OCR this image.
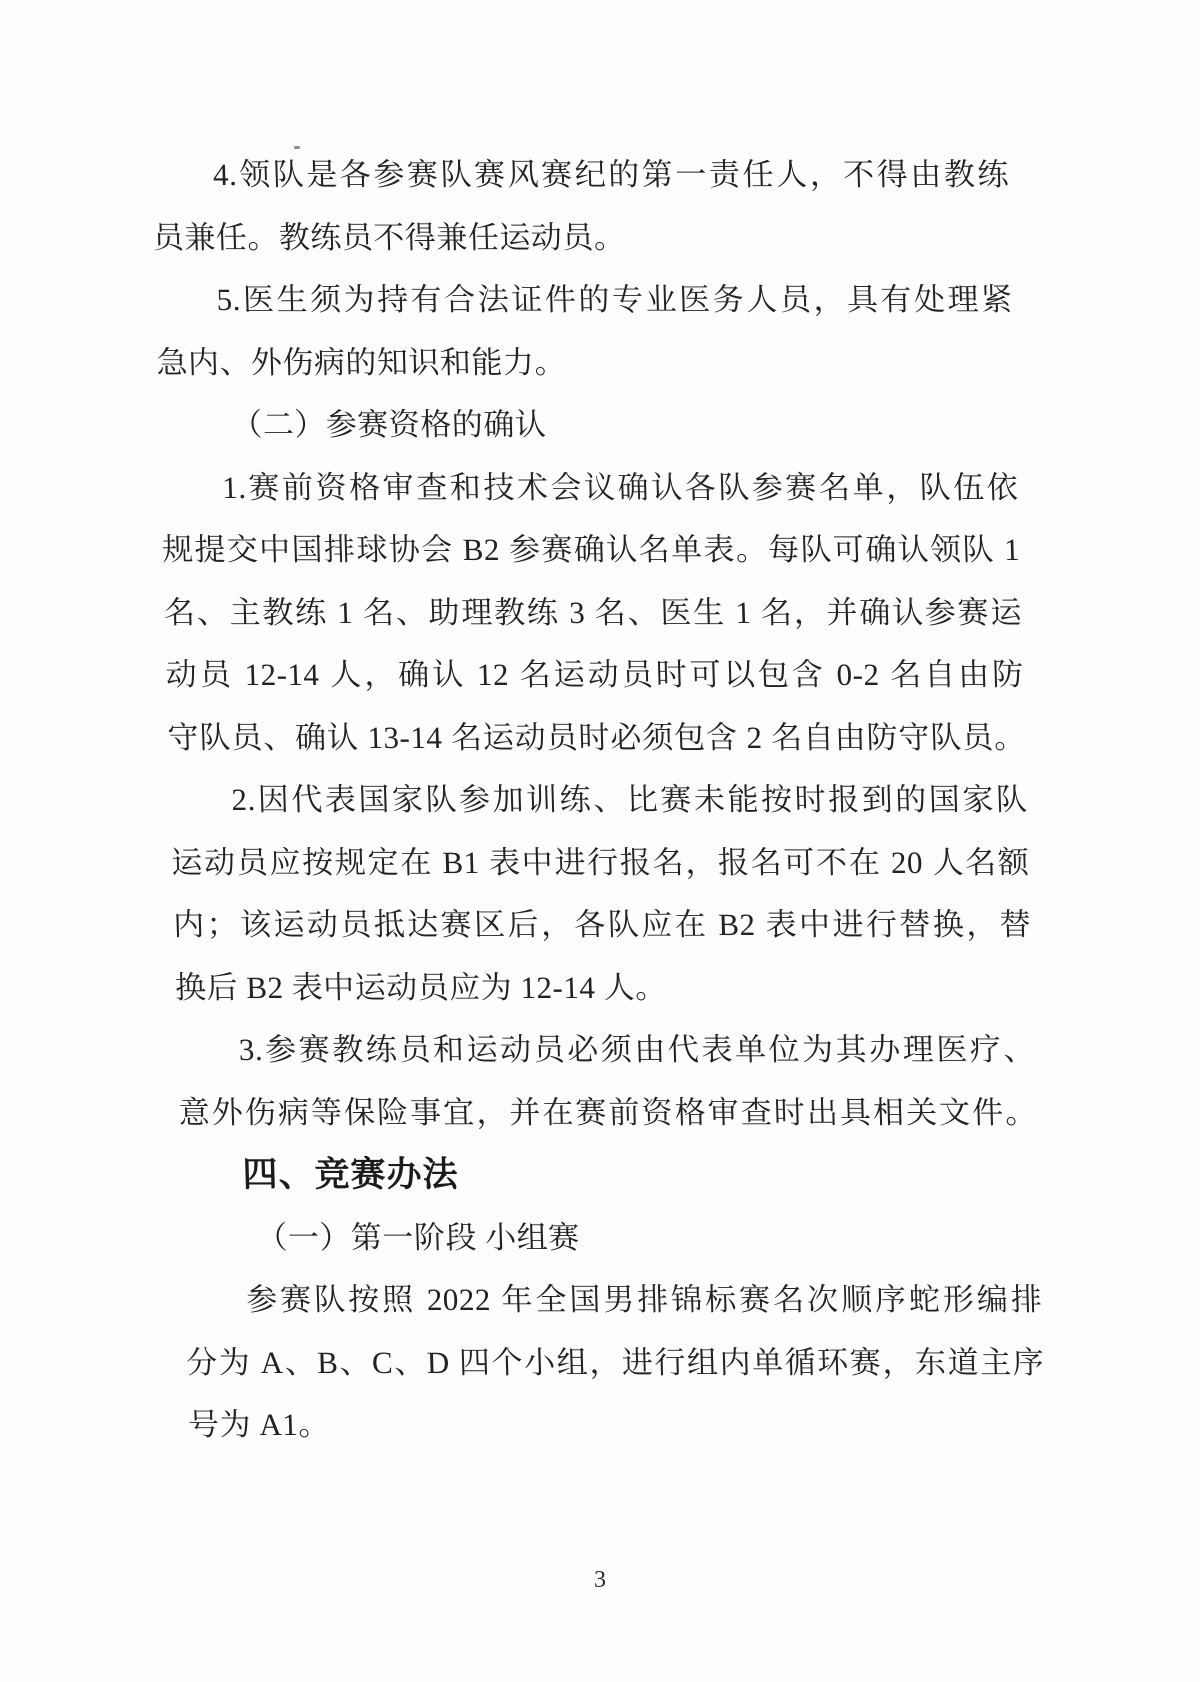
4.领队是各参赛队赛风赛纪的第一责任人，不得由教练
员兼任。教练员不得兼任运动员。
5.医生须为持有合法证件的专业医务人员，具有处理紧
急内、外伤病的知识和能力。
（二）参赛资格的确认
1.赛前资格审查和技术会议确认各队参赛名单，队伍依
规提交中国排球协会 B2 参赛确认名单表。每队可确认领队 1
名、主教练 1 名、助理教练 3 名、医生 1 名，并确认参赛运
动员 12-14 人，确认 12 名运动员时可以包含 0-2 名自由防
守队员、确认 13-14 名运动员时必须包含 2 名自由防守队员。
2.因代表国家队参加训练、比赛未能按时报到的国家队
运动员应按规定在 B1 表中进行报名，报名可不在 20 人名额
内；该运动员抵达赛区后，各队应在 B2 表中进行替换，替
换后 B2 表中运动员应为 12-14 人。
3.参赛教练员和运动员必须由代表单位为其办理医疗、
意外伤病等保险事宜，并在赛前资格审查时出具相关文件。
四、竞赛办法
（一）第一阶段 小组赛
参赛队按照 2022 年全国男排锦标赛名次顺序蛇形编排
分为 A、B、C、D 四个小组，进行组内单循环赛，东道主序
号为 A1。
3
